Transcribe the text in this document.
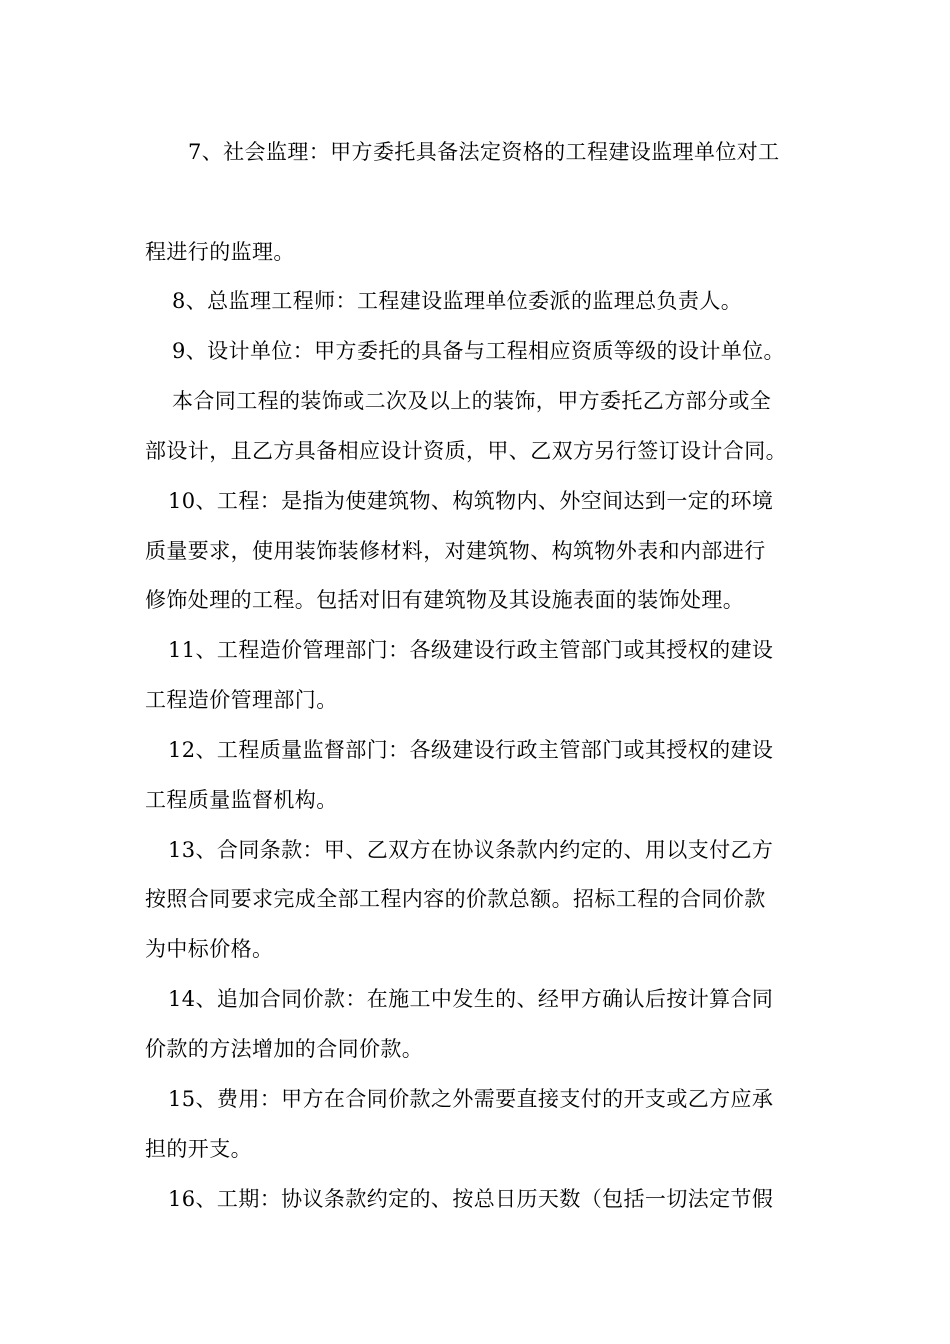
7、社会监理：甲方委托具备法定资格的工程建设监理单位对工
程进行的监理。
8、总监理工程师：工程建设监理单位委派的监理总负责人。
9、设计单位：甲方委托的具备与工程相应资质等级的设计单位。
本合同工程的装饰或二次及以上的装饰，甲方委托乙方部分或全
部设计，且乙方具备相应设计资质，甲、乙双方另行签订设计合同。
10、工程：是指为使建筑物、构筑物内、外空间达到一定的环境
质量要求，使用装饰装修材料，对建筑物、构筑物外表和内部进行
修饰处理的工程。包括对旧有建筑物及其设施表面的装饰处理。
11、工程造价管理部门：各级建设行政主管部门或其授权的建设
工程造价管理部门。
12、工程质量监督部门：各级建设行政主管部门或其授权的建设
工程质量监督机构。
13、合同条款：甲、乙双方在协议条款内约定的、用以支付乙方
按照合同要求完成全部工程内容的价款总额。招标工程的合同价款
为中标价格。
14、追加合同价款：在施工中发生的、经甲方确认后按计算合同
价款的方法增加的合同价款。
15、费用：甲方在合同价款之外需要直接支付的开支或乙方应承
担的开支。
16、工期：协议条款约定的、按总日历天数（包括一切法定节假
